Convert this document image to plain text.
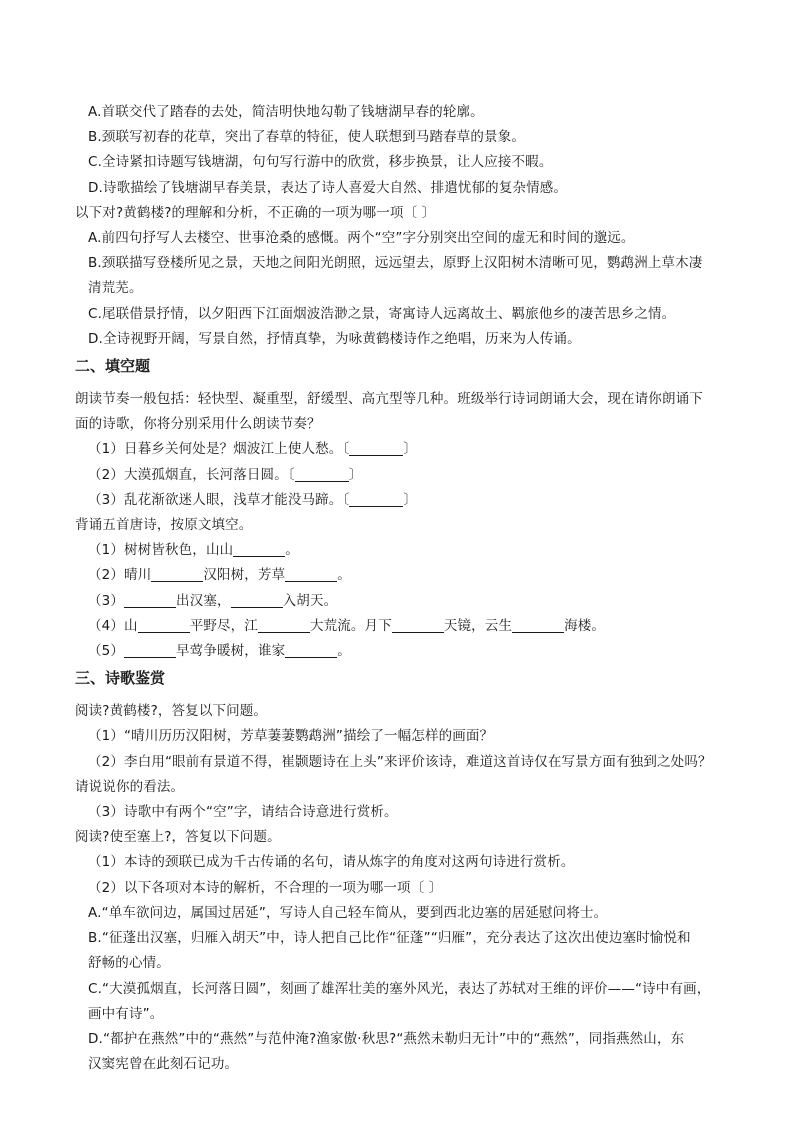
A.首联交代了踏春的去处，简洁明快地勾勒了钱塘湖早春的轮廓。
B.颈联写初春的花草，突出了春草的特征，使人联想到马踏春草的景象。
C.全诗紧扣诗题写钱塘湖，句句写行游中的欣赏，移步换景，让人应接不暇。
D.诗歌描绘了钱塘湖早春美景，表达了诗人喜爱大自然、排遣忧郁的复杂情感。
以下对?黄鹤楼?的理解和分析，不正确的一项为哪一项〔 〕
A.前四句抒写人去楼空、世事沧桑的感慨。两个“空”字分别突出空间的虚无和时间的邈远。
B.颈联描写登楼所见之景，天地之间阳光朗照，远远望去，原野上汉阳树木清晰可见，鹦鹉洲上草木凄
清荒芜。
C.尾联借景抒情，以夕阳西下江面烟波浩渺之景，寄寓诗人远离故土、羁旅他乡的凄苦思乡之情。
D.全诗视野开阔，写景自然，抒情真挚，为咏黄鹤楼诗作之绝唱，历来为人传诵。
二、填空题
朗读节奏一般包括：轻快型、凝重型，舒缓型、高亢型等几种。班级举行诗词朗诵大会，现在请你朗诵下
面的诗歌，你将分别采用什么朗读节奏？
（1）日暮乡关何处是？烟波江上使人愁。〔	〕
（2）大漠孤烟直，长河落日圆。〔	〕
（3）乱花渐欲迷人眼，浅草才能没马蹄。〔	〕
背诵五首唐诗，按原文填空。
（1）树树皆秋色，山山	。
（2）晴川	汉阳树，芳草	。
（3）	出汉塞，	入胡天。
（4）山	平野尽，江	大荒流。月下	天镜，云生	海楼。
（5）	早莺争暖树，谁家	。
三、诗歌鉴赏
阅读?黄鹤楼?，答复以下问题。
（1）“晴川历历汉阳树，芳草萋萋鹦鹉洲”描绘了一幅怎样的画面？
（2）李白用“眼前有景道不得，崔颢题诗在上头”来评价该诗，难道这首诗仅在写景方面有独到之处吗？
请说说你的看法。
（3）诗歌中有两个“空”字，请结合诗意进行赏析。
阅读?使至塞上?，答复以下问题。
（1）本诗的颈联已成为千古传诵的名句，请从炼字的角度对这两句诗进行赏析。
（2）以下各项对本诗的解析，不合理的一项为哪一项〔 〕
A.“单车欲问边，属国过居延”，写诗人自己轻车简从，要到西北边塞的居延慰问将士。
B.“征蓬出汉塞，归雁入胡天”中，诗人把自己比作“征蓬”“归雁”，充分表达了这次出使边塞时愉悦和
舒畅的心情。
C.“大漠孤烟直，长河落日圆”，刻画了雄浑壮美的塞外风光，表达了苏轼对王维的评价——“诗中有画，
画中有诗”。
D.“都护在燕然”中的“燕然”与范仲淹?渔家傲·秋思?“燕然未勒归无计”中的“燕然”，同指燕然山，东
汉窦宪曾在此刻石记功。
